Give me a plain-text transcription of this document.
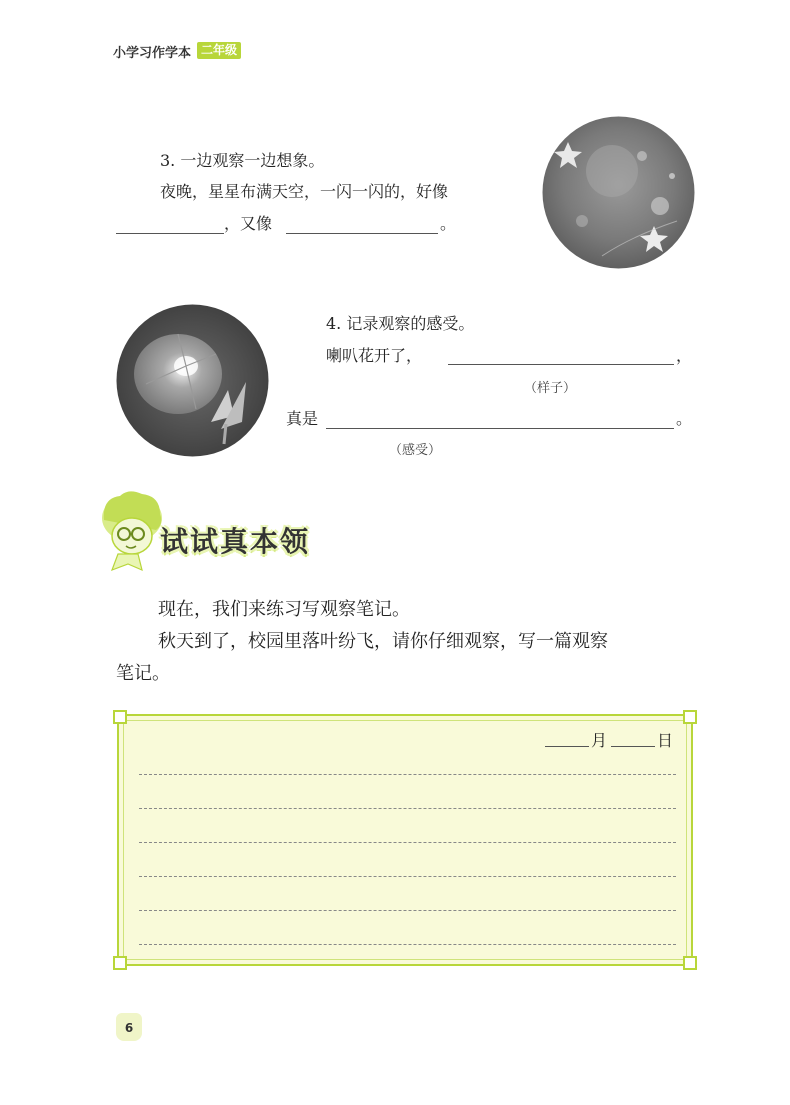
小学习作学本 二年级
3. 一边观察一边想象。
夜晚，星星布满天空，一闪一闪的，好像
，又像	。
4. 记录观察的感受。
喇叭花开了，	，
（样子）
真是	。
（感受）
试试真本领
现在，我们来练习写观察笔记。
秋天到了，校园里落叶纷飞，请你仔细观察，写一篇观察
笔记。
月	日
6
